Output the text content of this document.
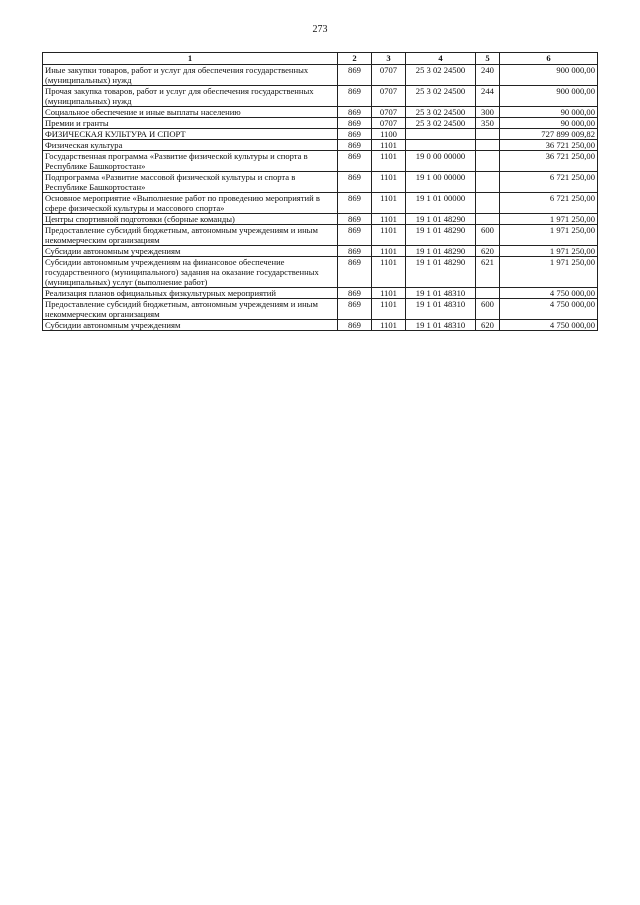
273
1	2	3	4	5	6
Иные закупки товаров, работ и услуг для обеспечения государственных (муниципальных) нужд	869	0707	25 3 02 24500	240	900 000,00
Прочая закупка товаров, работ и услуг для обеспечения государственных (муниципальных) нужд	869	0707	25 3 02 24500	244	900 000,00
Социальное обеспечение и иные выплаты населению	869	0707	25 3 02 24500	300	90 000,00
Премии и гранты	869	0707	25 3 02 24500	350	90 000,00
ФИЗИЧЕСКАЯ КУЛЬТУРА И СПОРТ	869	1100			727 899 009,82
Физическая культура	869	1101			36 721 250,00
Государственная программа «Развитие физической культуры и спорта в Республике Башкортостан»	869	1101	19 0 00 00000		36 721 250,00
Подпрограмма «Развитие массовой физической культуры и спорта в Республике Башкортостан»	869	1101	19 1 00 00000		6 721 250,00
Основное мероприятие «Выполнение работ по проведению мероприятий в сфере физической культуры и массового спорта»	869	1101	19 1 01 00000		6 721 250,00
Центры спортивной подготовки (сборные команды)	869	1101	19 1 01 48290		1 971 250,00
Предоставление субсидий бюджетным, автономным учреждениям и иным некоммерческим организациям	869	1101	19 1 01 48290	600	1 971 250,00
Субсидии автономным учреждениям	869	1101	19 1 01 48290	620	1 971 250,00
Субсидии автономным учреждениям на финансовое обеспечение государственного (муниципального) задания на оказание государственных (муниципальных) услуг (выполнение работ)	869	1101	19 1 01 48290	621	1 971 250,00
Реализация планов официальных физкультурных мероприятий	869	1101	19 1 01 48310		4 750 000,00
Предоставление субсидий бюджетным, автономным учреждениям и иным некоммерческим организациям	869	1101	19 1 01 48310	600	4 750 000,00
Субсидии автономным учреждениям	869	1101	19 1 01 48310	620	4 750 000,00
